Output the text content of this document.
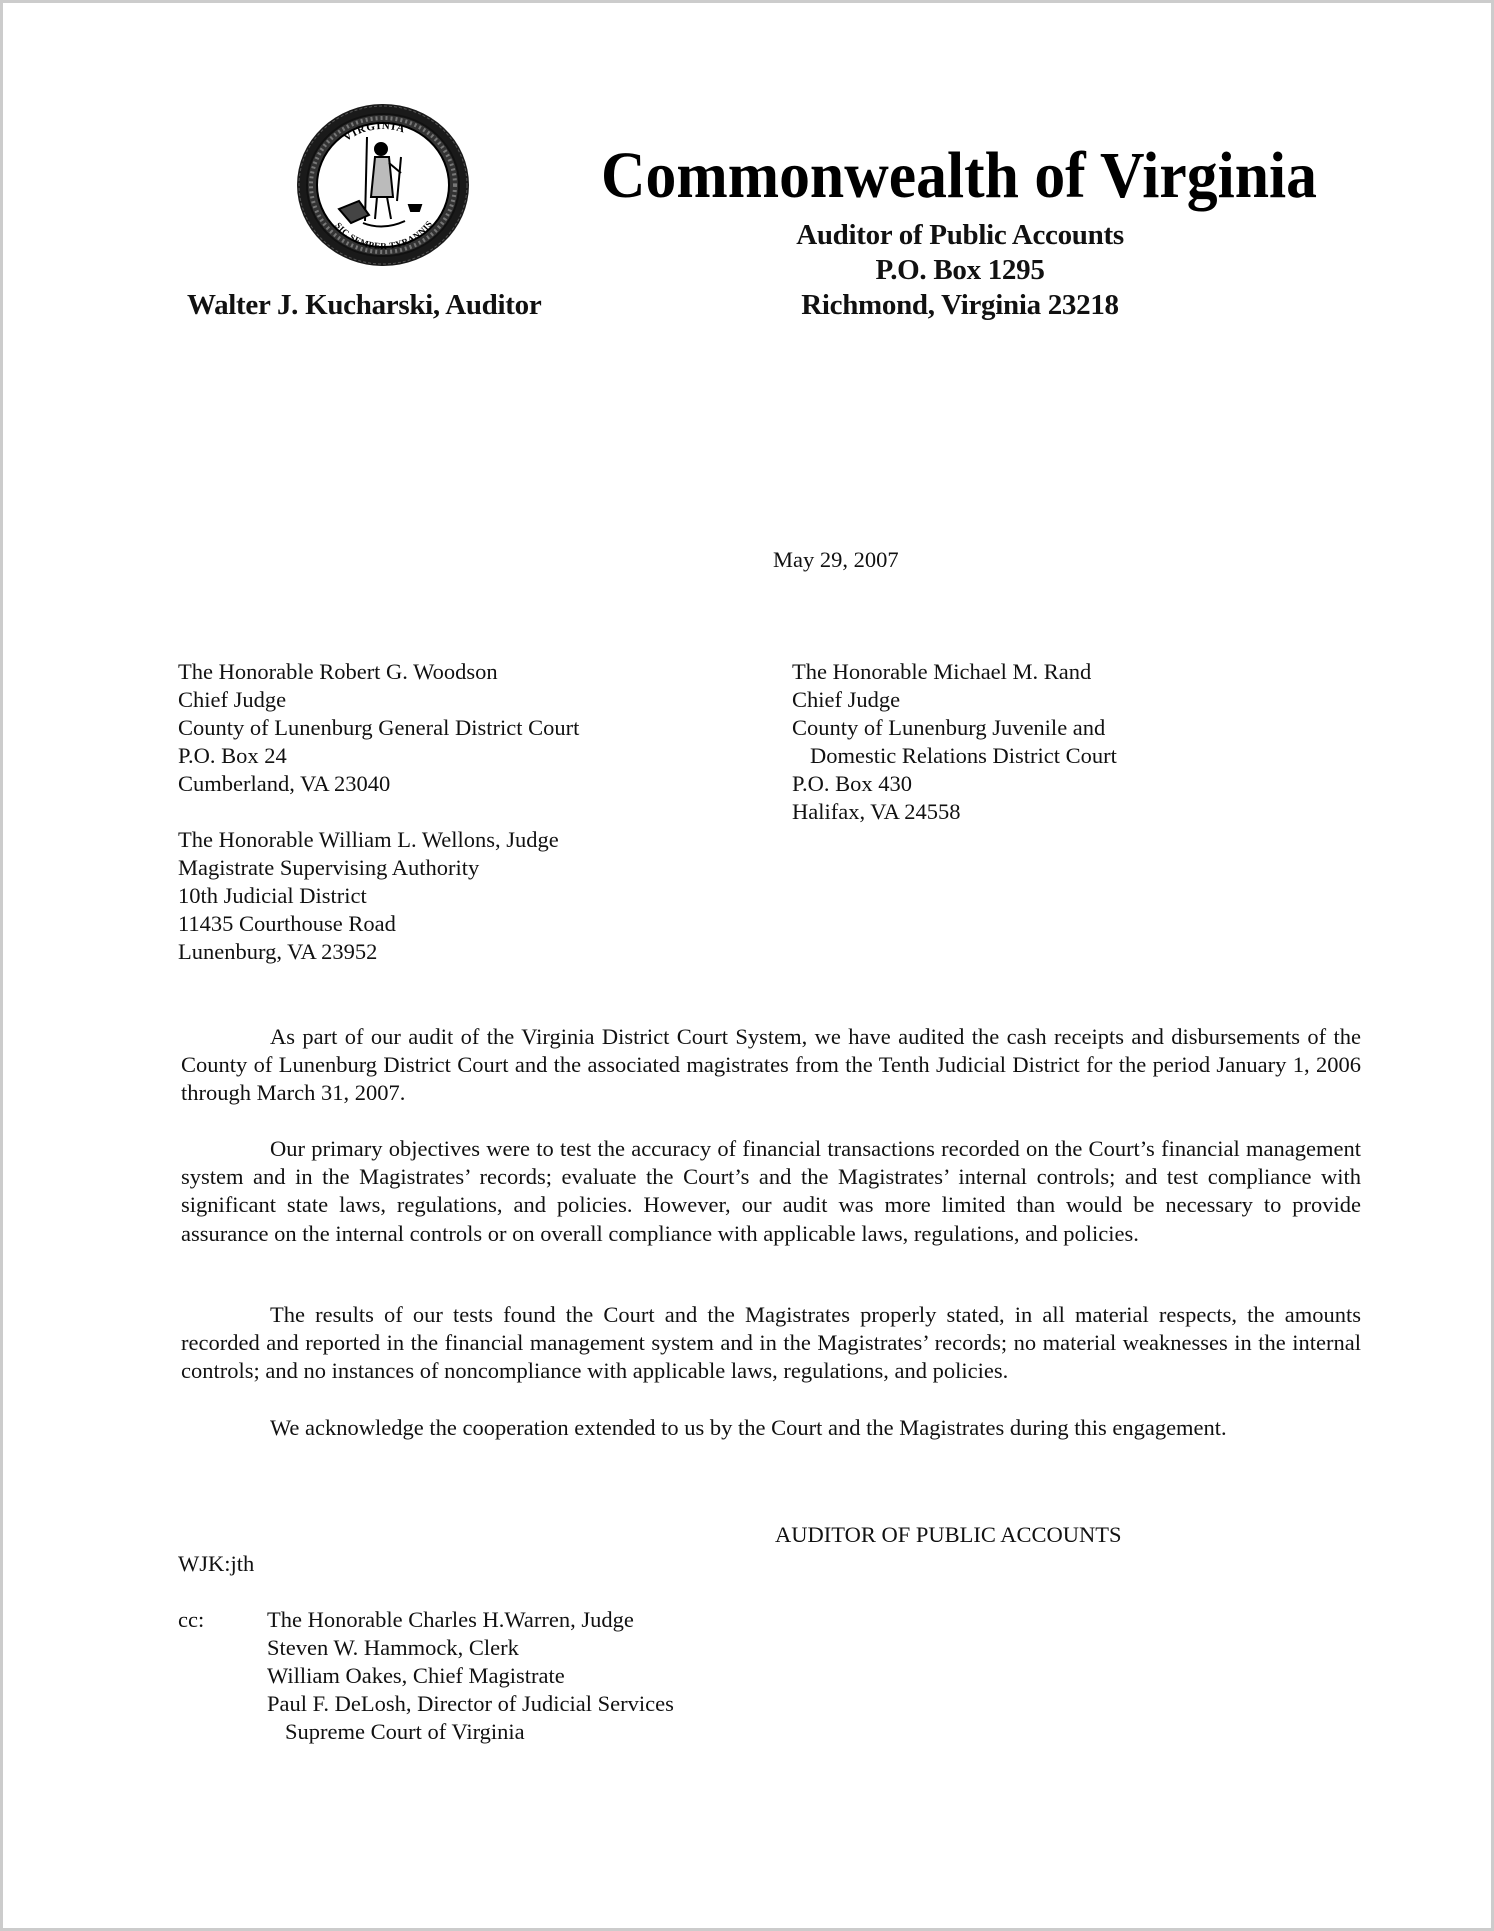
VIRGINIA
SIC SEMPER TYRANNIS
Commonwealth of Virginia
Auditor of Public Accounts
P.O. Box 1295
Richmond, Virginia 23218
Walter J. Kucharski, Auditor
May 29, 2007
The Honorable Robert G. Woodson
Chief Judge
County of Lunenburg General District Court
P.O. Box 24
Cumberland, VA 23040
The Honorable William L. Wellons, Judge
Magistrate Supervising Authority
10th Judicial District
11435 Courthouse Road
Lunenburg, VA 23952
The Honorable Michael M. Rand
Chief Judge
County of Lunenburg Juvenile and
Domestic Relations District Court
P.O. Box 430
Halifax, VA 24558

As part of our audit of the Virginia District Court System, we have audited the cash receipts and disbursements of the County of Lunenburg District Court and the associated magistrates from the Tenth Judicial District for the period January 1, 2006 through March 31, 2007.

Our primary objectives were to test the accuracy of financial transactions recorded on the Court’s financial management system and in the Magistrates’ records; evaluate the Court’s and the Magistrates’ internal controls; and test compliance with significant state laws, regulations, and policies. However, our audit was more limited than would be necessary to provide assurance on the internal controls or on overall compliance with applicable laws, regulations, and policies.

The results of our tests found the Court and the Magistrates properly stated, in all material respects, the amounts recorded and reported in the financial management system and in the Magistrates’ records; no material weaknesses in the internal controls; and no instances of noncompliance with applicable laws, regulations, and policies.

We acknowledge the cooperation extended to us by the Court and the Magistrates during this engagement.

AUDITOR OF PUBLIC ACCOUNTS
WJK:jth
cc:	The Honorable Charles H.Warren, Judge
Steven W. Hammock, Clerk
William Oakes, Chief Magistrate
Paul F. DeLosh, Director of Judicial Services
Supreme Court of Virginia
